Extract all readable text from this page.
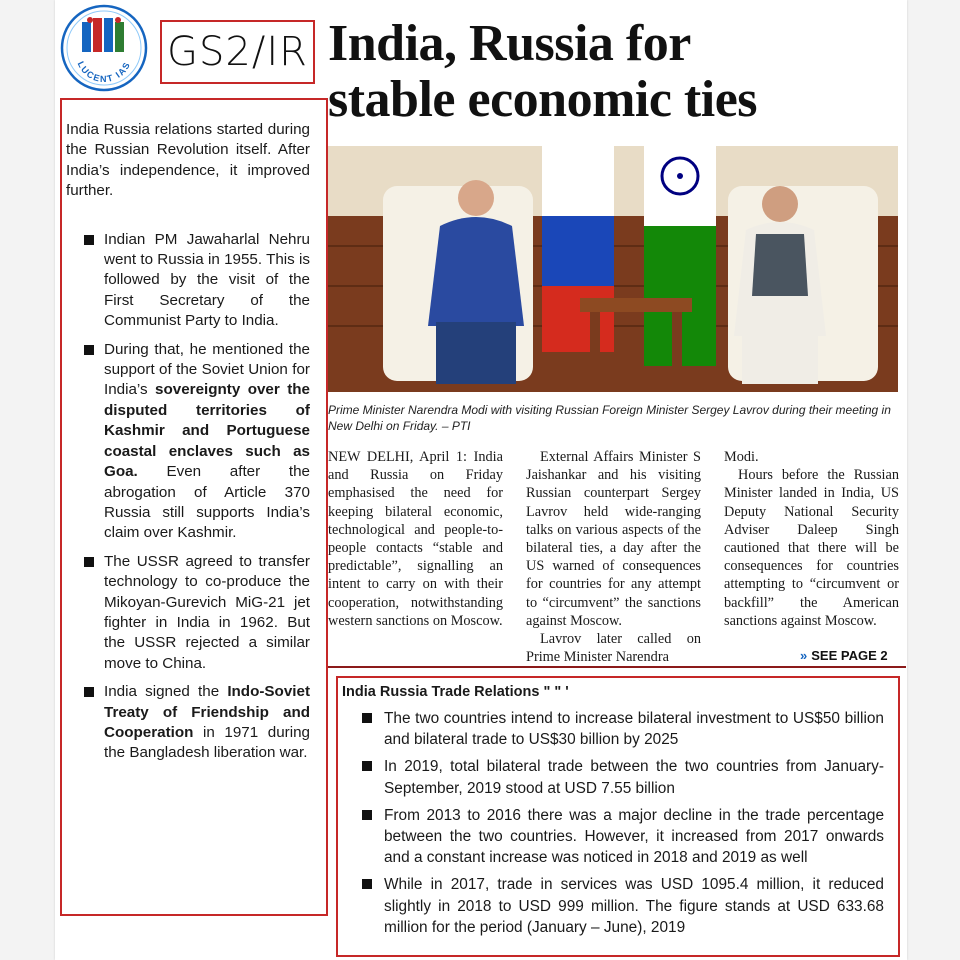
LUCENT IAS GS2/IR India, Russia for
stable economic ties
Prime Minister Narendra Modi with visiting Russian Foreign Minister Sergey Lavrov during their meeting in New Delhi on Friday. – PTI

NEW DELHI, April 1: India and Russia on Friday emphasised the need for keeping bilateral economic, technological and people-to-people contacts “stable and predictable”, signalling an intent to carry on with their cooperation, notwithstanding western sanctions on Moscow.

External Affairs Minister S Jaishankar and his visiting Russian counterpart Sergey Lavrov held wide-ranging talks on various aspects of the bilateral ties, a day after the US warned of consequences for countries for any attempt to “circumvent” the sanctions against Moscow.

Lavrov later called on Prime Minister Narendra

Modi.

Hours before the Russian Minister landed in India, US Deputy National Security Adviser Daleep Singh cautioned that there will be consequences for countries attempting to “circumvent or backfill” the American sanctions against Moscow.

» SEE PAGE 2

India Russia relations started during the Russian Revolution itself. After India’s independence, it improved further.

Indian PM Jawaharlal Nehru went to Russia in 1955. This is followed by the visit of the First Secretary of the Communist Party to India.
During that, he mentioned the support of the Soviet Union for India’s sovereignty over the disputed territories of Kashmir and Portuguese coastal enclaves such as Goa. Even after the abrogation of Article 370 Russia still supports India’s claim over Kashmir.
The USSR agreed to transfer technology to co-produce the Mikoyan-Gurevich MiG-21 jet fighter in India in 1962. But the USSR rejected a similar move to China.
India signed the Indo-Soviet Treaty of Friendship and Cooperation in 1971 during the Bangladesh liberation war.
India Russia Trade Relations " " '
The two countries intend to increase bilateral investment to US$50 billion and bilateral trade to US$30 billion by 2025
In 2019, total bilateral trade between the two countries from January-September, 2019 stood at USD 7.55 billion
From 2013 to 2016 there was a major decline in the trade percentage between the two countries. However, it increased from 2017 onwards and a constant increase was noticed in 2018 and 2019 as well
While in 2017, trade in services was USD 1095.4 million, it reduced slightly in 2018 to USD 999 million. The figure stands at USD 633.68 million for the period (January – June), 2019
